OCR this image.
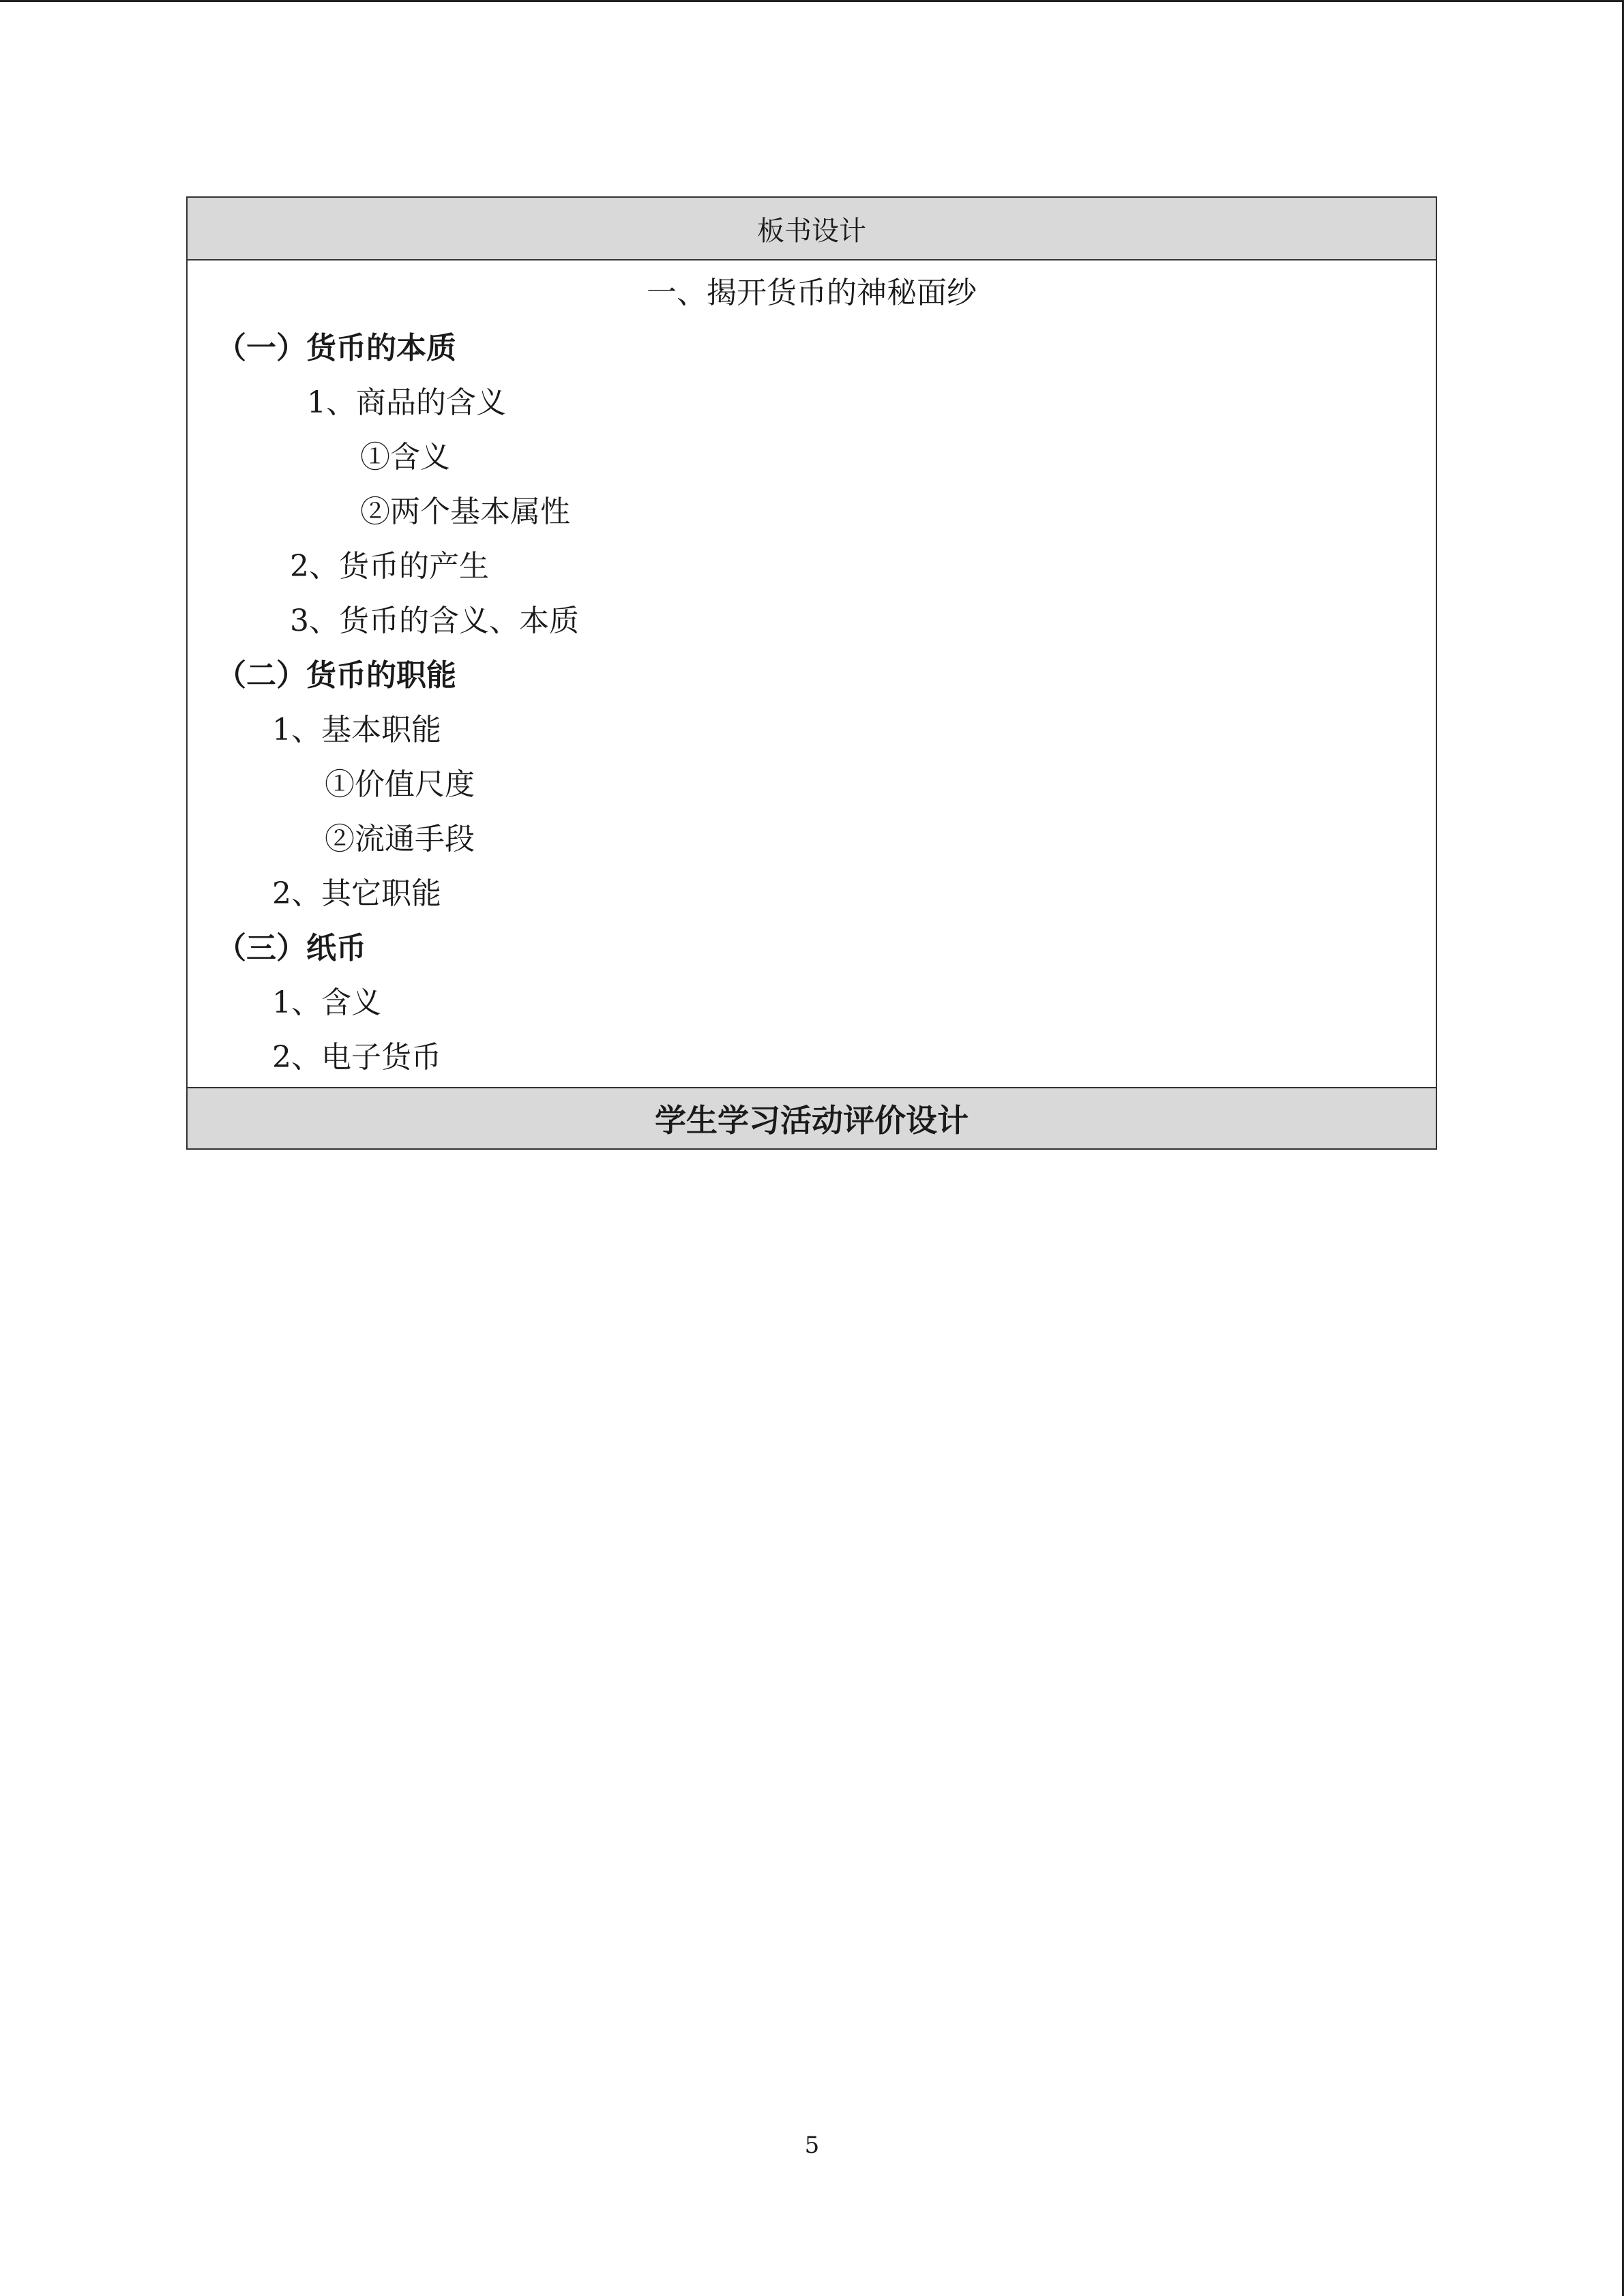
板书设计
一、揭开货币的神秘面纱
（一）货币的本质
1、商品的含义
①含义
②两个基本属性
2、货币的产生
3、货币的含义、本质
（二）货币的职能
1、基本职能
①价值尺度
②流通手段
2、其它职能
（三）纸币
1、含义
2、电子货币
学生学习活动评价设计
5
